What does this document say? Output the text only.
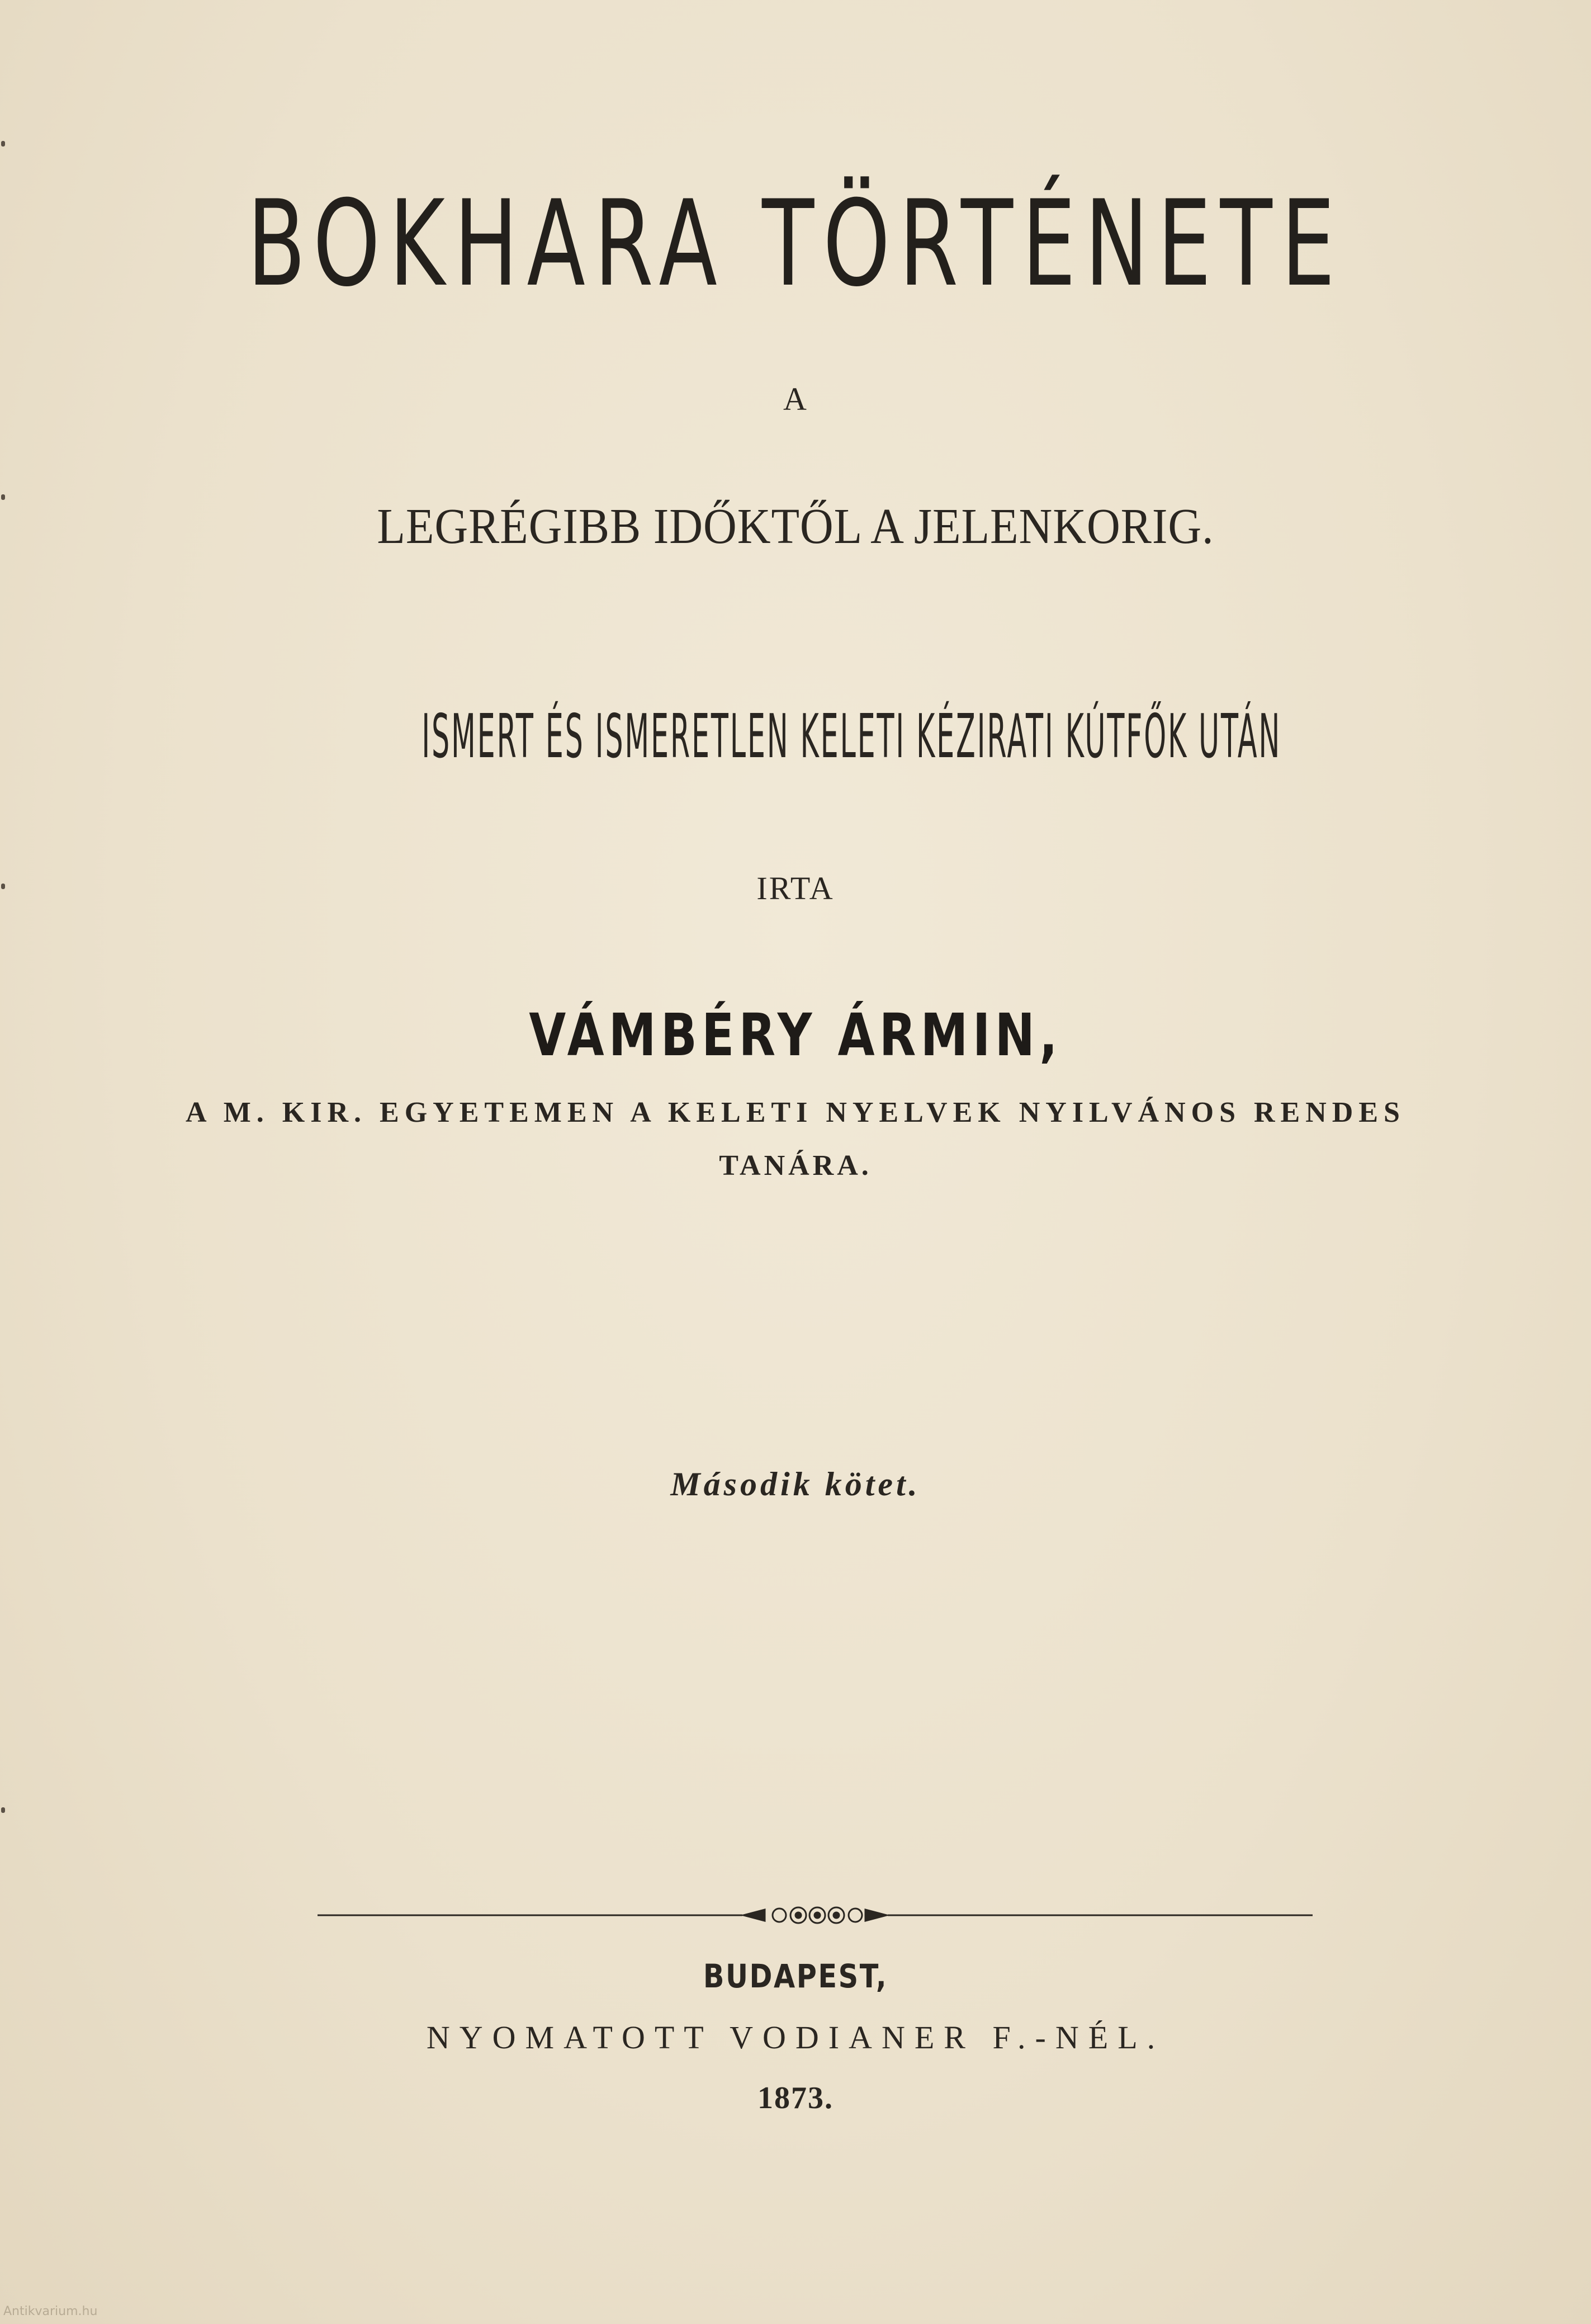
BOKHARA TÖRTÉNETE
A
LEGRÉGIBB IDŐKTŐL A JELENKORIG.
ISMERT ÉS ISMERETLEN KELETI KÉZIRATI KÚTFŐK UTÁN
IRTA
VÁMBÉRY ÁRMIN,
A M. KIR. EGYETEMEN A KELETI NYELVEK NYILVÁNOS RENDES
TANÁRA.
Második kötet.
BUDAPEST,
NYOMATOTT VODIANER F.-NÉL.
1873.
Antikvarium.hu
